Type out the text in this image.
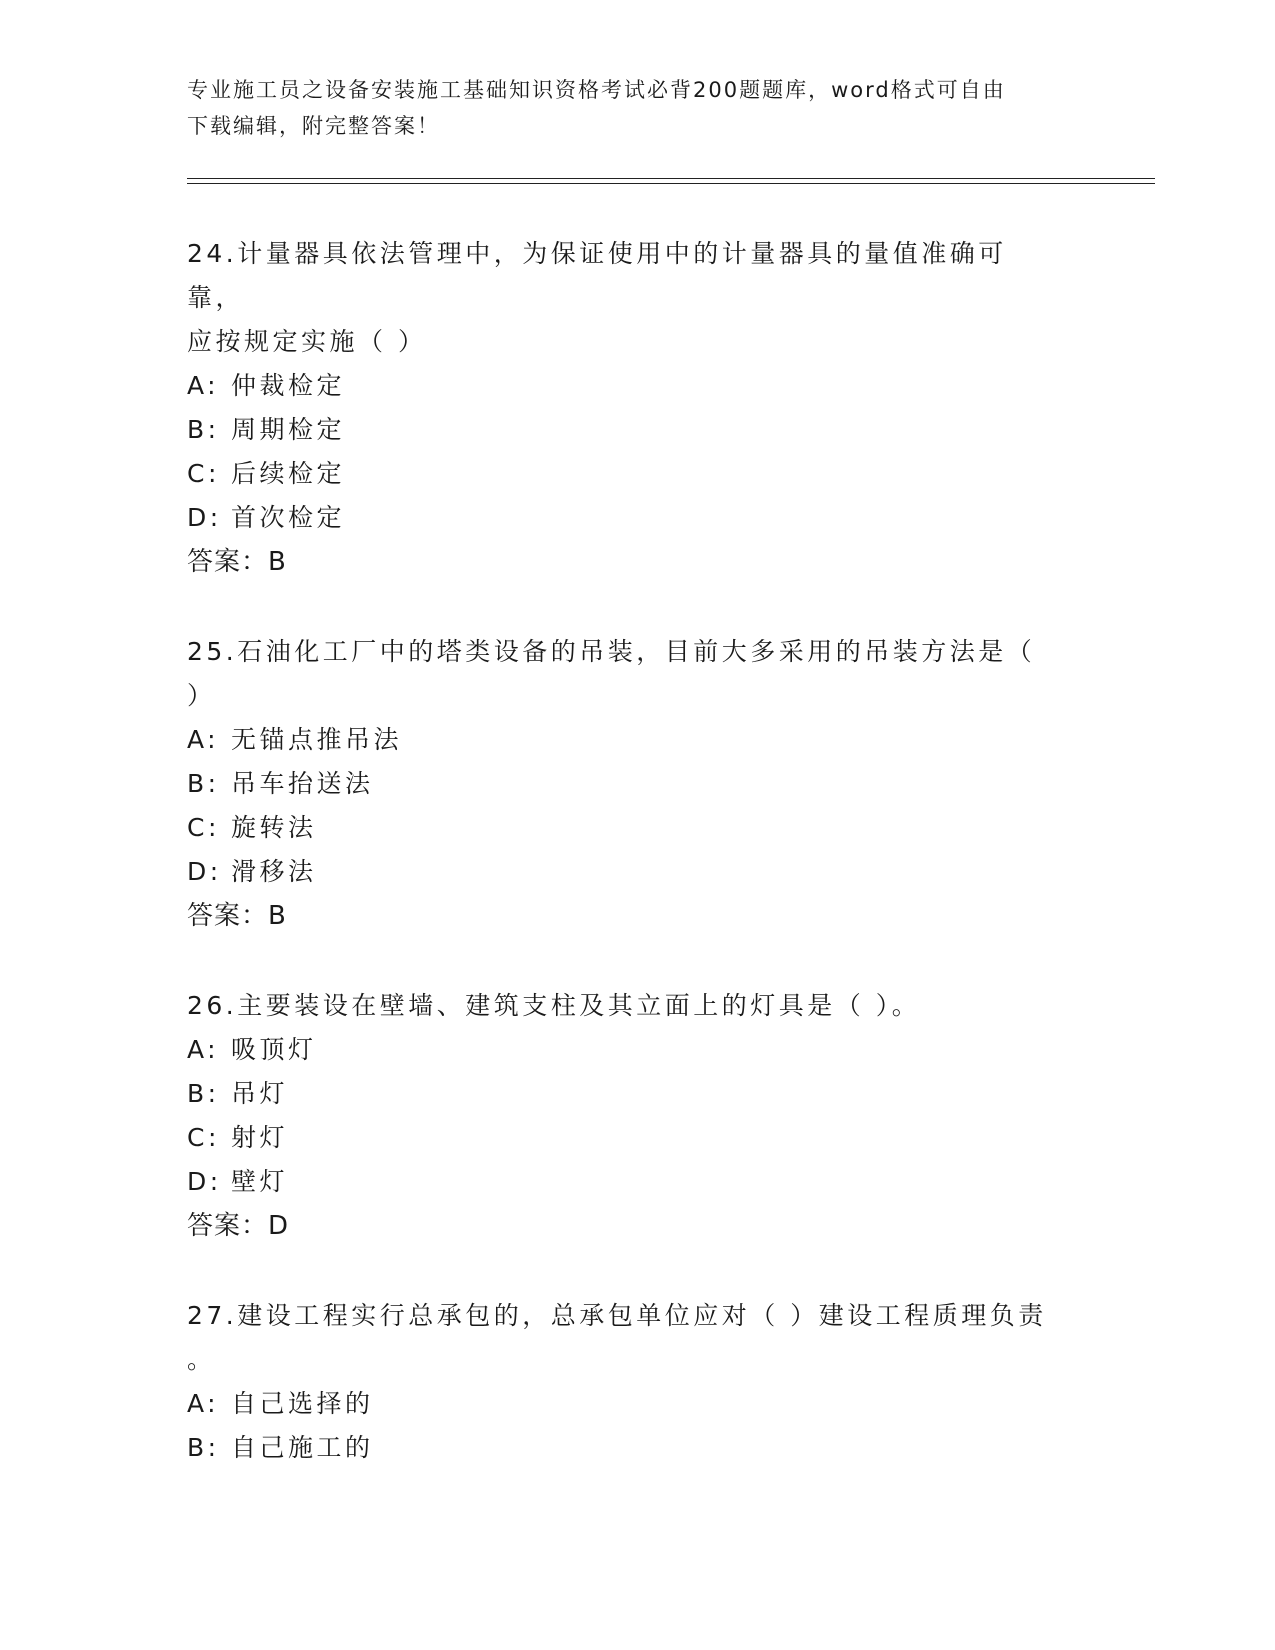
专业施工员之设备安装施工基础知识资格考试必背200题题库，word格式可自由
下载编辑，附完整答案！
24.计量器具依法管理中，为保证使用中的计量器具的量值准确可靠，
应按规定实施（ ）
A: 仲裁检定
B: 周期检定
C: 后续检定
D: 首次检定
答案：B
25.石油化工厂中的塔类设备的吊装，目前大多采用的吊装方法是（
）
A: 无锚点推吊法
B: 吊车抬送法
C: 旋转法
D: 滑移法
答案：B
26.主要装设在壁墙、建筑支柱及其立面上的灯具是（ ）。
A: 吸顶灯
B: 吊灯
C: 射灯
D: 壁灯
答案：D
27.建设工程实行总承包的，总承包单位应对（ ）建设工程质理负责
。
A: 自己选择的
B: 自己施工的
